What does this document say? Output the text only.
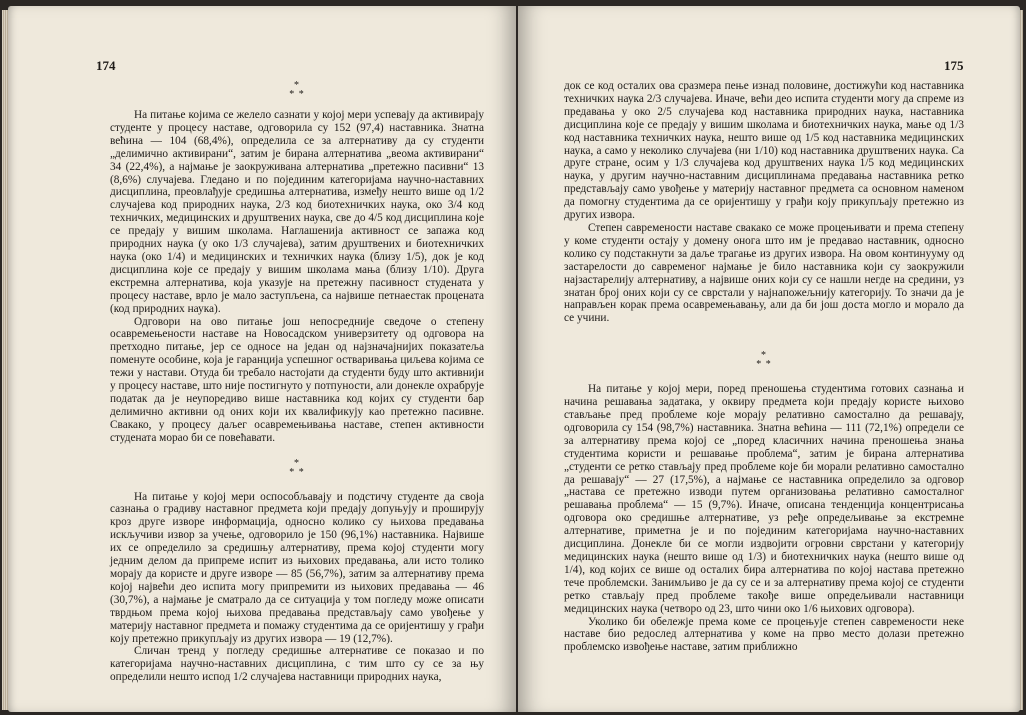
174
*
* *

На питање којима се желело сазнати у којој мери успевају да активирају студенте у процесу наставе, одговорила су 152 (97,4) наставника. Знатна већина — 104 (68,4%), определила се за алтернативу да су студенти „делимично активирани“, затим је бирана алтернатива „веома активирани“ 34 (22,4%), а најмање је заокруживана алтернатива „претежно пасивни“ 13 (8,6%) случајева. Гледано и по појединим категоријама научно-наставних дисциплина, преовлађује средишња алтернатива, између нешто више од 1/2 случајева код природних наука, 2/3 код биотехничких наука, око 3/4 код техничких, медицинских и друштвених наука, све до 4/5 код дисциплина које се предају у вишим школама. Наглашенија активност се запажа код природних наука (у око 1/3 случајева), затим друштвених и биотехничких наука (око 1/4) и медицинских и техничких наука (близу 1/5), док је код дисциплина које се предају у вишим школама мања (близу 1/10). Друга екстремна алтернатива, која указује на претежну пасивност студената у процесу наставе, врло је мало заступљена, са највише петнаестак процената (код природних наука).

Одговори на ово питање још непосредније сведоче о степену осавремењености наставе на Новосадском универзитету од одговора на претходно питање, јер се односе на један од најзначајнијих показатеља поменуте особине, која је гаранција успешног остваривања циљева којима се тежи у настави. Отуда би требало настојати да студенти буду што активнији у процесу наставе, што није постигнуто у потпуности, али донекле охрабрује податак да је неупоредиво више наставника код којих су студенти бар делимично активни од оних који их квалификују као претежно пасивне. Свакако, у процесу даљег осавремењивања наставе, степен активности студената морао би се повећавати.

*
* *

На питање у којој мери оспособљавају и подстичу студенте да своја сазнања о градиву наставног предмета који предају допуњују и проширују кроз друге изворе информација, односно колико су њихова предавања искључиви извор за учење, одговорило је 150 (96,1%) наставника. Највише их се определило за средишњу алтернативу, према којој студенти могу једним делом да припреме испит из њихових предавања, али исто толико морају да користе и друге изворе — 85 (56,7%), затим за алтернативу према којој највећи део испита могу припремити из њихових предавања — 46 (30,7%), а најмање је сматрало да се ситуација у том погледу може описати тврдњом према којој њихова предавања представљају само увођење у материју наставног предмета и помажу студентима да се оријентишу у грађи коју претежно прикупљају из других извора — 19 (12,7%).

Сличан тренд у погледу средишње алтернативе се показао и по категоријама научно-наставних дисциплина, с тим што су се за њу определили нешто испод 1/2 случајева наставници природних наука,

175

док се код осталих ова сразмера пење изнад половине, достижући код наставника техничких наука 2/3 случајева. Иначе, већи део испита студенти могу да спреме из предавања у око 2/5 случајева код наставника природних наука, наставника дисциплина које се предају у вишим школама и биотехничких наука, мање од 1/3 код наставника техничких наука, нешто више од 1/5 код наставника медицинских наука, а само у неколико случајева (ни 1/10) код наставника друштвених наука. Са друге стране, осим у 1/3 случајева код друштвених наука 1/5 код медицинских наука, у другим научно-наставним дисциплинама предавања наставника ретко представљају само увођење у материју наставног предмета са основном наменом да помогну студентима да се оријентишу у грађи коју прикупљају претежно из других извора.

Степен савремености наставе свакако се може процењивати и према степену у коме студенти остају у домену онога што им је предавао наставник, односно колико су подстакнути за даље трагање из других извора. На овом континууму од застарелости до савременог најмање је било наставника који су заокружили најзастарелију алтернативу, а највише оних који су се нашли негде на средини, уз знатан број оних који су се сврстали у најнапожељнију категорију. То значи да је направљен корак према осавремењавању, али да би још доста могло и морало да се учини.

*
* *

На питање у којој мери, поред преношења студентима готових сазнања и начина решавања задатака, у оквиру предмета који предају користе њихово стављање пред проблеме које морају релативно самостално да решавају, одговорила су 154 (98,7%) наставника. Знатна већина — 111 (72,1%) определи се за алтернативу према којој се „поред класичних начина преношења знања студентима користи и решавање проблема“, затим је бирана алтернатива „студенти се ретко стављају пред проблеме које би морали релативно самостално да решавају“ — 27 (17,5%), а најмање се наставника определило за одговор „настава се претежно изводи путем организовања релативно самосталног решавања проблема“ — 15 (9,7%). Иначе, описана тенденција концентрисања одговора око средишње алтернативе, уз ређе опредељивање за екстремне алтернативе, приметна је и по појединим категоријама научно-наставних дисциплина. Донекле би се могли издвојити огровни сврстани у категорију медицинских наука (нешто више од 1/3) и биотехничких наука (нешто више од 1/4), код којих се више од осталих бира алтернатива по којој настава претежно тече проблемски. Занимљиво је да су се и за алтернативу према којој се студенти ретко стављају пред проблеме такође више опредељивали наставници медицинских наука (четворо од 23, што чини око 1/6 њихових одговора).

Уколико би обележје према коме се процењује степен савремености неке наставе био редослед алтернатива у коме на прво место долази претежно проблемско извођење наставе, затим приближно
